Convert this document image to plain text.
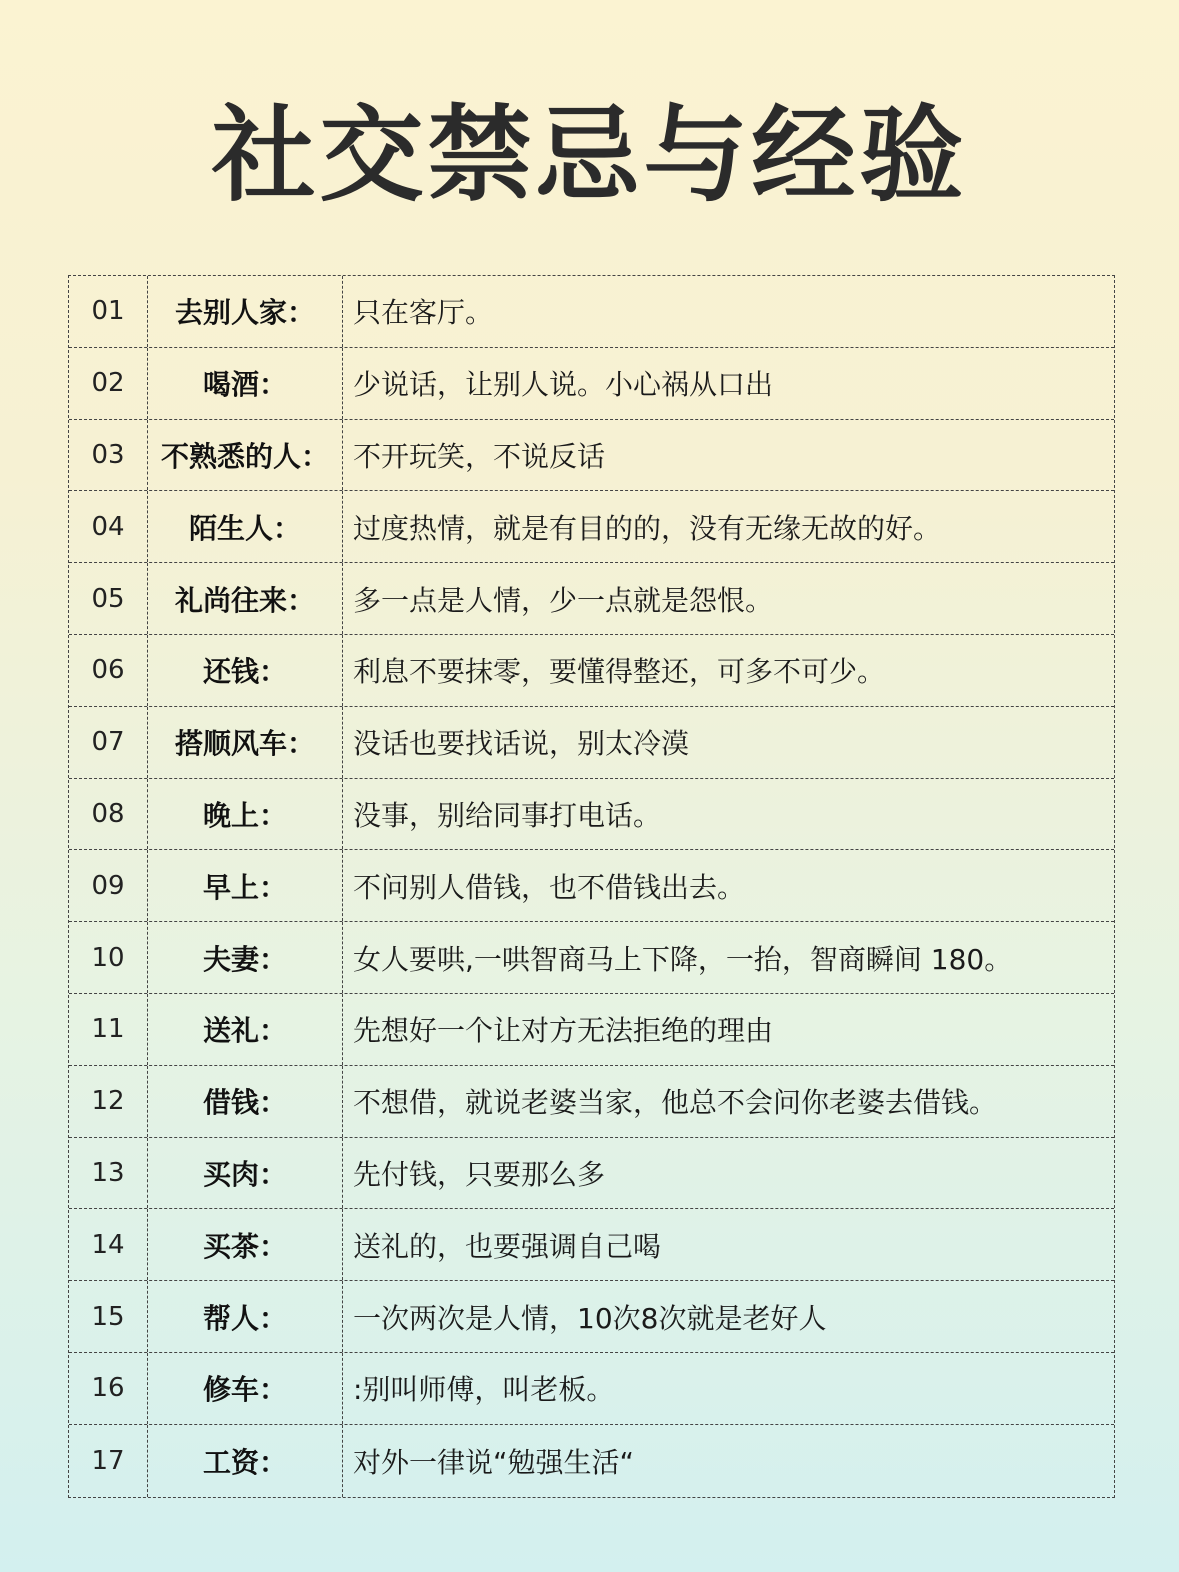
社交禁忌与经验
01	去别人家：	只在客厅。
02	喝酒：	少说话，让别人说。小心祸从口出
03	不熟悉的人： 不开玩笑，不说反话
04	陌生人：	过度热情，就是有目的的，没有无缘无故的好。
05	礼尚往来：	多一点是人情，少一点就是怨恨。
06	还钱：	利息不要抹零，要懂得整还，可多不可少。
07	搭顺风车：	没话也要找话说，别太冷漠
08	晚上：	没事，别给同事打电话。
09	早上：	不问别人借钱，也不借钱出去。
10	夫妻：	女人要哄,一哄智商马上下降，一抬，智商瞬间 180。
11	送礼：	先想好一个让对方无法拒绝的理由
12	借钱：	不想借，就说老婆当家，他总不会问你老婆去借钱。
13	买肉：	先付钱，只要那么多
14	买茶：	送礼的，也要强调自己喝
15	帮人：	一次两次是人情，10次8次就是老好人
16	修车：	:别叫师傅，叫老板。
17	工资：	对外一律说“勉强生活“
